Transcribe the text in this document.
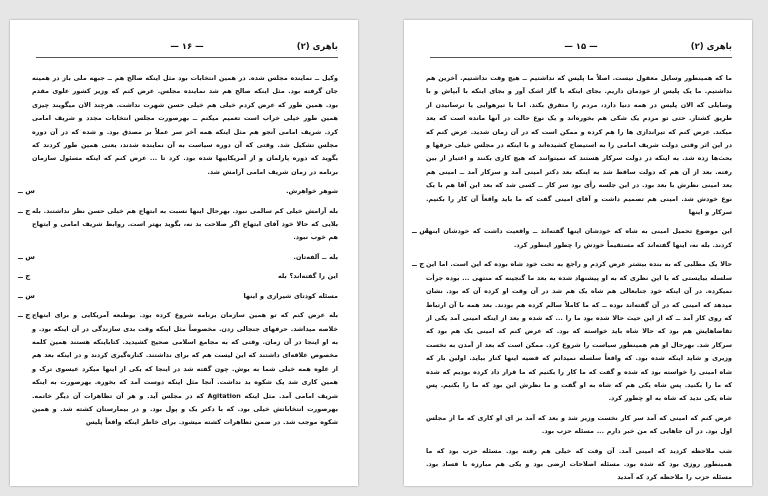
باهری (۲)
— ۱۶ —
وکیل ــ نماینده مجلس شده. در همین انتخابات بود مثل اینکه صالح هم ــ جبهه ملی باز در همینه جان گرفته بود. مثل اینکه صالح هم شد نماینده مجلس. عرض کنم که وزیر کشور علوی مقدم بود. همین طور که عرض کردم خیلی هم خیلی حسن شهرت نداشت. هرچند الان میگویند چیزی همین طور خیلی خراب است تعمیم میکنم ــ بهرصورت مجلس انتخابات مجدد و شریف امامی کرد. شریف امامی آنجو هم مثل اینکه همه آخر سر عملاً بر مصدق بود. و شده که در آن دوره مجلس تشکیل شد. وقتی که آن دوره سیاست به آن نماینده شدند، یعنی همین طور کردند که بگوید که دوره پارلمان و از آمریکاییها شده بود. کرد تا ... عرض کنم که اینکه مسئول سازمان برنامه در زمان شریف امامی آرامش شد.
س ــ	شوهر خواهرش.
ج ــ بله آرامش خیلی کم سالمی نبود. بهرحال اینها نسبت به ابتهاج هم خیلی حسن نظر نداشتند. بله بلایی که حالا خود آقای ابتهاج اگر صلاحت بد نه، بگوید بهتر است. روابط شریف امامی و ابتهاج هم خوب نبود.
س ــ	بله ــ آلفه‌تان.
ج ــ	این را گفته‌اند؟ بله
س ــ	مسئله کودتای شیرازی و اینها
ج ــ بله عرض کنم که تو همین سازمان برنامه شروع کرده بود. بوطبعه آمریکایی و برای ابتهاج خلاصه میداشد. حرفهای جنجالی زدن. مخصوصاً مثل اینکه وقت بدی سازندگی در آن اینکه بود. و به او اینجا در آن زمان. وقتی که به مجامع اسلامی صحیح کشیدید. کتاباینکه هستند همین کلمه مخصوص علاقه‌ای داشتند که این لیست هم که برای نداشتند. کناره‌گیری کردند و در اینکه بعد هم از علوه همه خیلی شما به یوش. چون گفته شد در اینجا که یکی از اینها میکرد عیسوی ترک و همین کاری شد یک شکوه بد نداشت. آنجا مثل اینکه دوست آمد که بخوره. بهرصورت به اینکه شریف امامی آمد. مثل اینکه Agitation که در مجلس آید. و هر آن تظاهرات آن دیگر خاتمه. بهرصورت انتخاباتش خیلی بود. که با دکتر یک و پول بود. و در بیمارستان کشته شد. و همین شکوه موجب شد. در ضمن تظاهرات کشته میشود. برای خاطر اینکه واقعاً پلیس
باهری (۲)
— ۱۵ —
ما که همینطور وسایل معقول نیست. اصلاً ما پلیس که نداشتیم ــ هیچ وقت نداشتیم. آخرین هم نداشتیم. ما یک پلیس از خودمان داریم. بجای اینکه با گاز اشک آور و بجای اینکه با آبپاش و با وسایلی که الان پلیس در همه دنیا دارد، مردم را متفرق بکند. اما با تیرهوایی یا ترسانیدن از طریق کشتار. حتی تو مردم یک شکی هم بخوره‌اند و یک نوع حالت در آنها مانده است که بعد میکند. عرض کنم که تیراندازی ها را هم کرده و ممکن است که در آن زمان شدید. عرض کنم که در این اثر وقتی دولت شریف امامی را به استیضاح کشیده‌اند و با اینکه در مجلس خیلی حرفها و بحث‌ها زده شد. به اینکه در دولت سرکار هستند که نمیتوانند که هیچ کاری بکنند و اعتبار از بین رفته. بعد از آن هم که دولت ساقط شد به اینکه بعد دکتر امینی آمد و سرکار آمد ــ امینی هم بعد امینی نظرش با بعد بود. در این جلسه رأی بود سر کار ــ کسی شد که بعد این آقا هم با یک نوع خودش شد. امینی هم تصمیم داشت و آقای امینی گفت که ما باید واقعاً آن کار را بکنیم. سرکار و اینها
س ــ
این موضوع تحمیل امینی به شاه که خودشان اینها گفته‌اند ــ واقعیت داشت که خودشان اینها کردند. بله نه، اینها گفته‌اند که مستقیماً خودش را چطور اینطور کرد.
ج ــ حالا یک مطلبی که به بنده بیشتر عرض کردم و راجع به تحت خود شاه بوده که این است. اما این سلسله بیایستی که با این نظری که به او پیشنهاد شده به بعد ما گنجینه که منتهی ... بوده جرأت نمیکرده. در آن اینکه خود جنابعالی هم شاه یک هم شد در آن وقت او کرده آن که بود. نشان میدهد که امینی که در آن گفته‌اند بوده ــ که ما کاملاً سالم کرده هم بودند. بعد همه با آن ارتباط که روی کار آمد ــ که از این حیث حالا شده بود ما را ... که شده و بعد از اینکه امینی آمد یکی از تقاضاهایش هم بود که حالا شاه باید خواسته که بود. که عرض کنم که امینی یک هم بود که سرکار شد. بهرحال او هم همینطور سیاست را شروع کرد. ممکن است که بعد از آمدن به نخست وزیری و شاید اینکه شده بود. که واقعاً سلسله نمیدانم که قضیه اینها کنار بیاید. اولین بار که شاه امینی را خواسته بود که شده و گفت که ما کار را بکنیم که ما قرار داد کرده بودیم که شده که ما را بکنید. پس شاه یکی هم که شاه به او گفت و ما نظرش این بود که ما را بکنیم. پس شاه یکی ندید که شاه به او چطور کرد.
عرض کنم که امینی که آمد سر کار نخست وزیر شد و بعد که آمد بر ای او کاری که ما از مجلس اول بود. در آن جاهایی که من خبر دارم ... مسئله حزب بود.
شب ملاحظه کردید که امینی آمد. آن وقت که خیلی هم رفته بود. مسئله حزب بود که ما همینطور روزی بود که شده بود. مسئله اصلاحات ارضی بود و یکی هم مبارزه با فساد بود. مسئله حزب را ملاحظه کرد که آمدید
